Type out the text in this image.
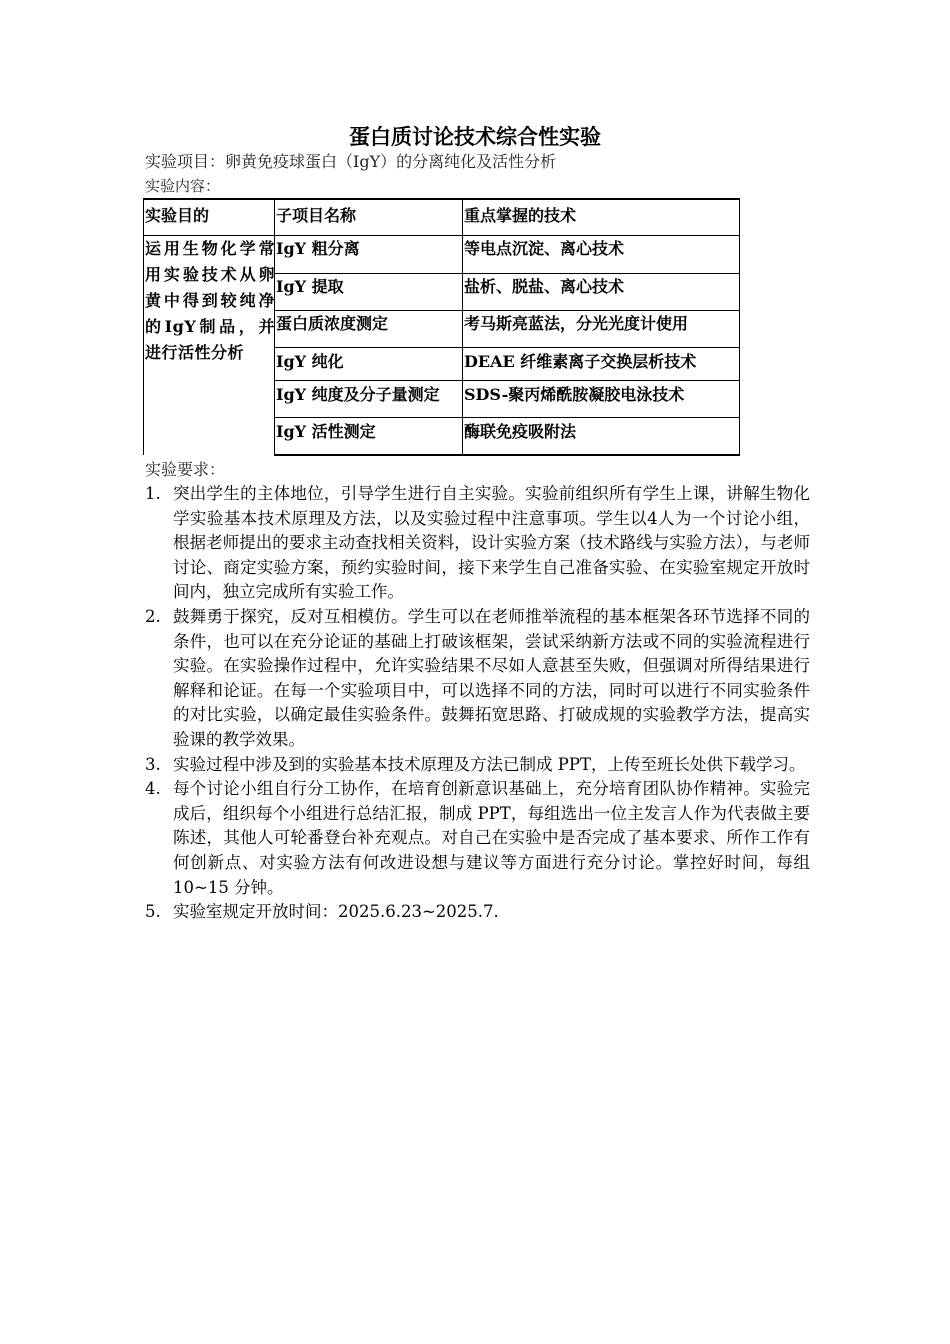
蛋白质讨论技术综合性实验
实验项目：卵黄免疫球蛋白（IgY）的分离纯化及活性分析
实验内容：
实验目的	子项目名称	重点掌握的技术
运用生物化学常用实验技术从卵黄中得到较纯净的IgY制品，并进行活性分析
IgY 粗分离	等电点沉淀、离心技术
IgY 提取	盐析、脱盐、离心技术
蛋白质浓度测定	考马斯亮蓝法，分光光度计使用
IgY 纯化	DEAE 纤维素离子交换层析技术
IgY 纯度及分子量测定 SDS-聚丙烯酰胺凝胶电泳技术
IgY 活性测定	酶联免疫吸附法
实验要求：
1. 突出学生的主体地位，引导学生进行自主实验。实验前组织所有学生上课，讲解生物化学实验基本技术原理及方法，以及实验过程中注意事项。学生以4人为一个讨论小组，根据老师提出的要求主动查找相关资料，设计实验方案（技术路线与实验方法），与老师讨论、商定实验方案，预约实验时间，接下来学生自己准备实验、在实验室规定开放时间内，独立完成所有实验工作。
2. 鼓舞勇于探究，反对互相模仿。学生可以在老师推举流程的基本框架各环节选择不同的条件，也可以在充分论证的基础上打破该框架，尝试采纳新方法或不同的实验流程进行实验。在实验操作过程中，允许实验结果不尽如人意甚至失败，但强调对所得结果进行解释和论证。在每一个实验项目中，可以选择不同的方法，同时可以进行不同实验条件的对比实验，以确定最佳实验条件。鼓舞拓宽思路、打破成规的实验教学方法，提高实验课的教学效果。
3. 实验过程中涉及到的实验基本技术原理及方法已制成 PPT，上传至班长处供下载学习。
4. 每个讨论小组自行分工协作，在培育创新意识基础上，充分培育团队协作精神。实验完成后，组织每个小组进行总结汇报，制成 PPT，每组选出一位主发言人作为代表做主要陈述，其他人可轮番登台补充观点。对自己在实验中是否完成了基本要求、所作工作有何创新点、对实验方法有何改进设想与建议等方面进行充分讨论。掌控好时间，每组 10~15 分钟。
5. 实验室规定开放时间：2025.6.23~2025.7.
